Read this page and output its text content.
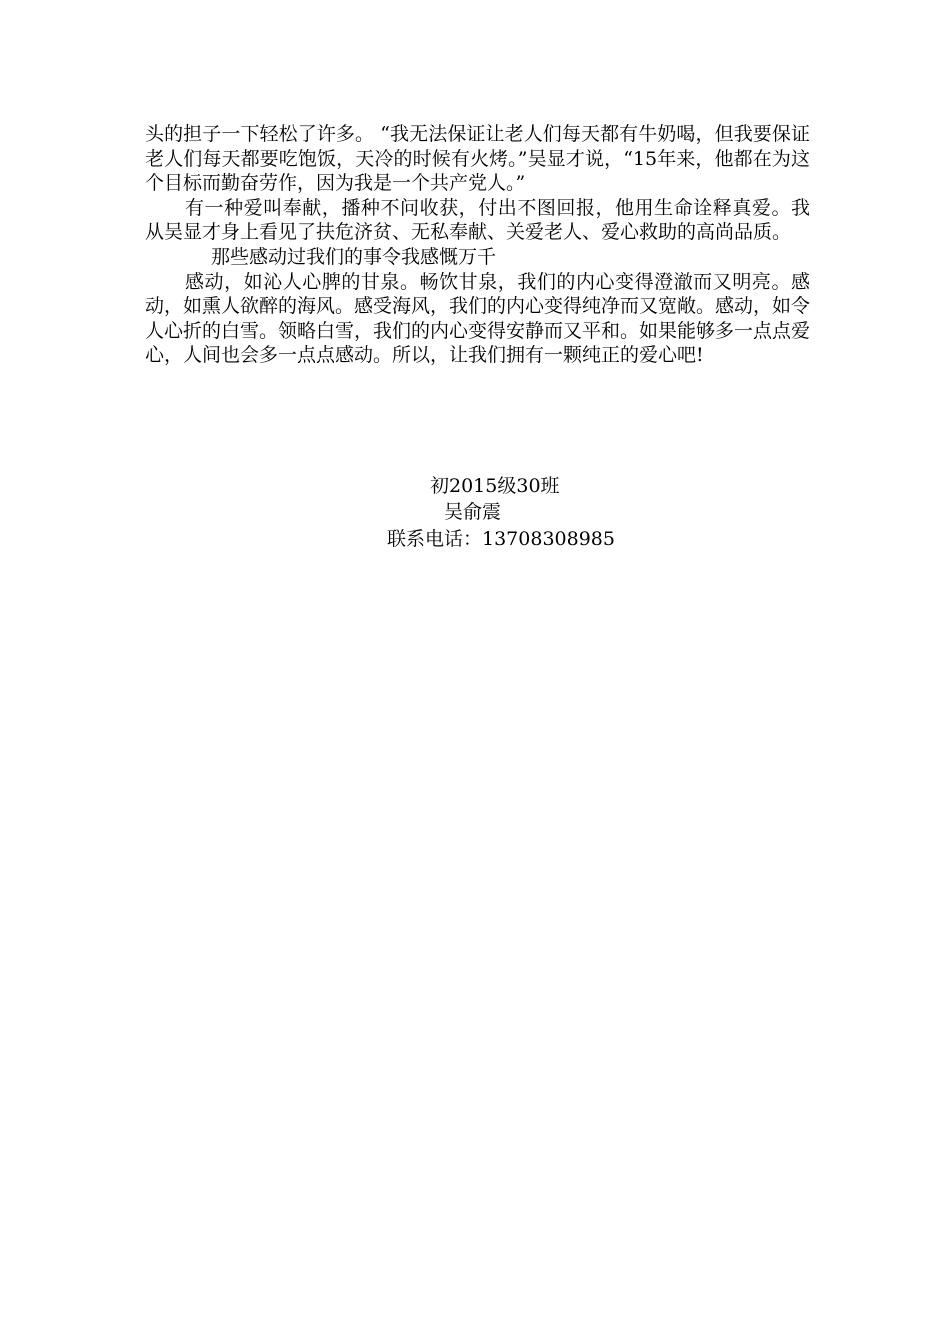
头的担子一下轻松了许多。 “我无法保证让老人们每天都有牛奶喝，但我要保证老人们每天都要吃饱饭，天冷的时候有火烤。”吴显才说，“15年来，他都在为这个目标而勤奋劳作，因为我是一个共产党人。”

有一种爱叫奉献，播种不问收获，付出不图回报，他用生命诠释真爱。我从吴显才身上看见了扶危济贫、无私奉献、关爱老人、爱心救助的高尚品质。

那些感动过我们的事令我感慨万千

感动，如沁人心脾的甘泉。畅饮甘泉，我们的内心变得澄澈而又明亮。感动，如熏人欲醉的海风。感受海风，我们的内心变得纯净而又宽敞。感动，如令人心折的白雪。领略白雪，我们的内心变得安静而又平和。如果能够多一点点爱心，人间也会多一点点感动。所以，让我们拥有一颗纯正的爱心吧!

初2015级30班
吴俞震
联系电话：13708308985
